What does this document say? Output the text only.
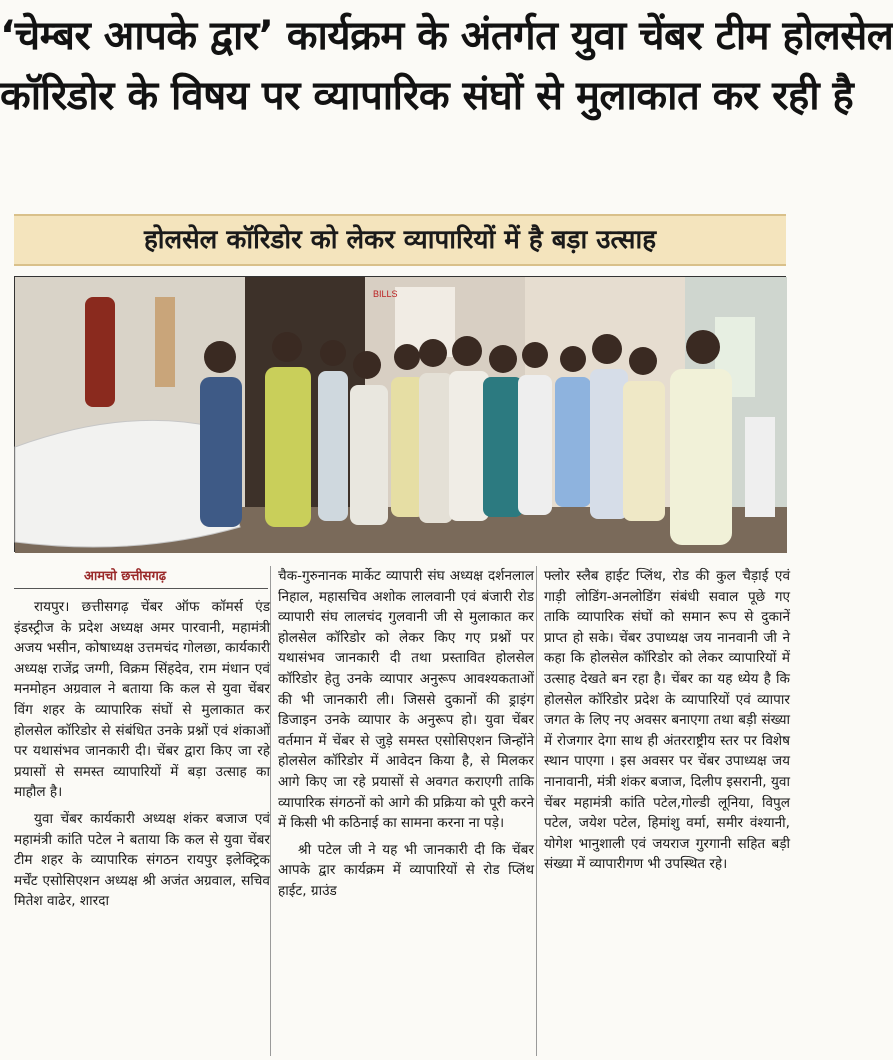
‘चेम्बर आपके द्वार’ कार्यक्रम के अंतर्गत युवा चेंबर टीम होलसेल
कॉरिडोर के विषय पर व्यापारिक संघों से मुलाकात कर रही है
होलसेल कॉरिडोर को लेकर व्यापारियों में है बड़ा उत्साह
BILLS
आमचो छत्तीसगढ़

रायपुर। छत्तीसगढ़ चेंबर ऑफ कॉमर्स एंड इंडस्ट्रीज के प्रदेश अध्यक्ष अमर पारवानी, महामंत्री अजय भसीन, कोषाध्यक्ष उत्तमचंद गोलछा, कार्यकारी अध्यक्ष राजेंद्र जग्गी, विक्रम सिंहदेव, राम मंधान एवं मनमोहन अग्रवाल ने बताया कि कल से युवा चेंबर विंग शहर के व्यापारिक संघों से मुलाकात कर होलसेल कॉरिडोर से संबंधित उनके प्रश्नों एवं शंकाओं पर यथासंभव जानकारी दी। चेंबर द्वारा किए जा रहे प्रयासों से समस्त व्यापारियों में बड़ा उत्साह का माहौल है।

युवा चेंबर कार्यकारी अध्यक्ष शंकर बजाज एवं महामंत्री कांति पटेल ने बताया कि कल से युवा चेंबर टीम शहर के व्यापारिक संगठन रायपुर इलेक्ट्रिक मर्चेंट एसोसिएशन अध्यक्ष श्री अजंत अग्रवाल, सचिव मितेश वाढेर, शारदा

चैक-गुरुनानक मार्केट व्यापारी संघ अध्यक्ष दर्शनलाल निहाल, महासचिव अशोक लालवानी एवं बंजारी रोड व्यापारी संघ लालचंद गुलवानी जी से मुलाकात कर होलसेल कॉरिडोर को लेकर किए गए प्रश्नों पर यथासंभव जानकारी दी तथा प्रस्तावित होलसेल कॉरिडोर हेतु उनके व्यापार अनुरूप आवश्यकताओं की भी जानकारी ली। जिससे दुकानों की ड्राइंग डिजाइन उनके व्यापार के अनुरूप हो। युवा चेंबर वर्तमान में चेंबर से जुड़े समस्त एसोसिएशन जिन्होंने होलसेल कॉरिडोर में आवेदन किया है, से मिलकर आगे किए जा रहे प्रयासों से अवगत कराएगी ताकि व्यापारिक संगठनों को आगे की प्रक्रिया को पूरी करने में किसी भी कठिनाई का सामना करना ना पड़े।

श्री पटेल जी ने यह भी जानकारी दी कि चेंबर आपके द्वार कार्यक्रम में व्यापारियों से रोड प्लिंथ हाईट, ग्राउंड

फ्लोर स्लैब हाईट प्लिंथ, रोड की कुल चैड़ाई एवं गाड़ी लोडिंग-अनलोडिंग संबंधी सवाल पूछे गए ताकि व्यापारिक संघों को समान रूप से दुकानें प्राप्त हो सके। चेंबर उपाध्यक्ष जय नानवानी जी ने कहा कि होलसेल कॉरिडोर को लेकर व्यापारियों में उत्साह देखते बन रहा है। चेंबर का यह ध्येय है कि होलसेल कॉरिडोर प्रदेश के व्यापारियों एवं व्यापार जगत के लिए नए अवसर बनाएगा तथा बड़ी संख्या में रोजगार देगा साथ ही अंतरराष्ट्रीय स्तर पर विशेष स्थान पाएगा । इस अवसर पर चेंबर उपाध्यक्ष जय नानावानी, मंत्री शंकर बजाज, दिलीप इसरानी, युवा चेंबर महामंत्री कांति पटेल,गोल्डी लूनिया, विपुल पटेल, जयेश पटेल, हिमांशु वर्मा, समीर वंश्यानी, योगेश भानुशाली एवं जयराज गुरगानी सहित बड़ी संख्या में व्यापारीगण भी उपस्थित रहे।
